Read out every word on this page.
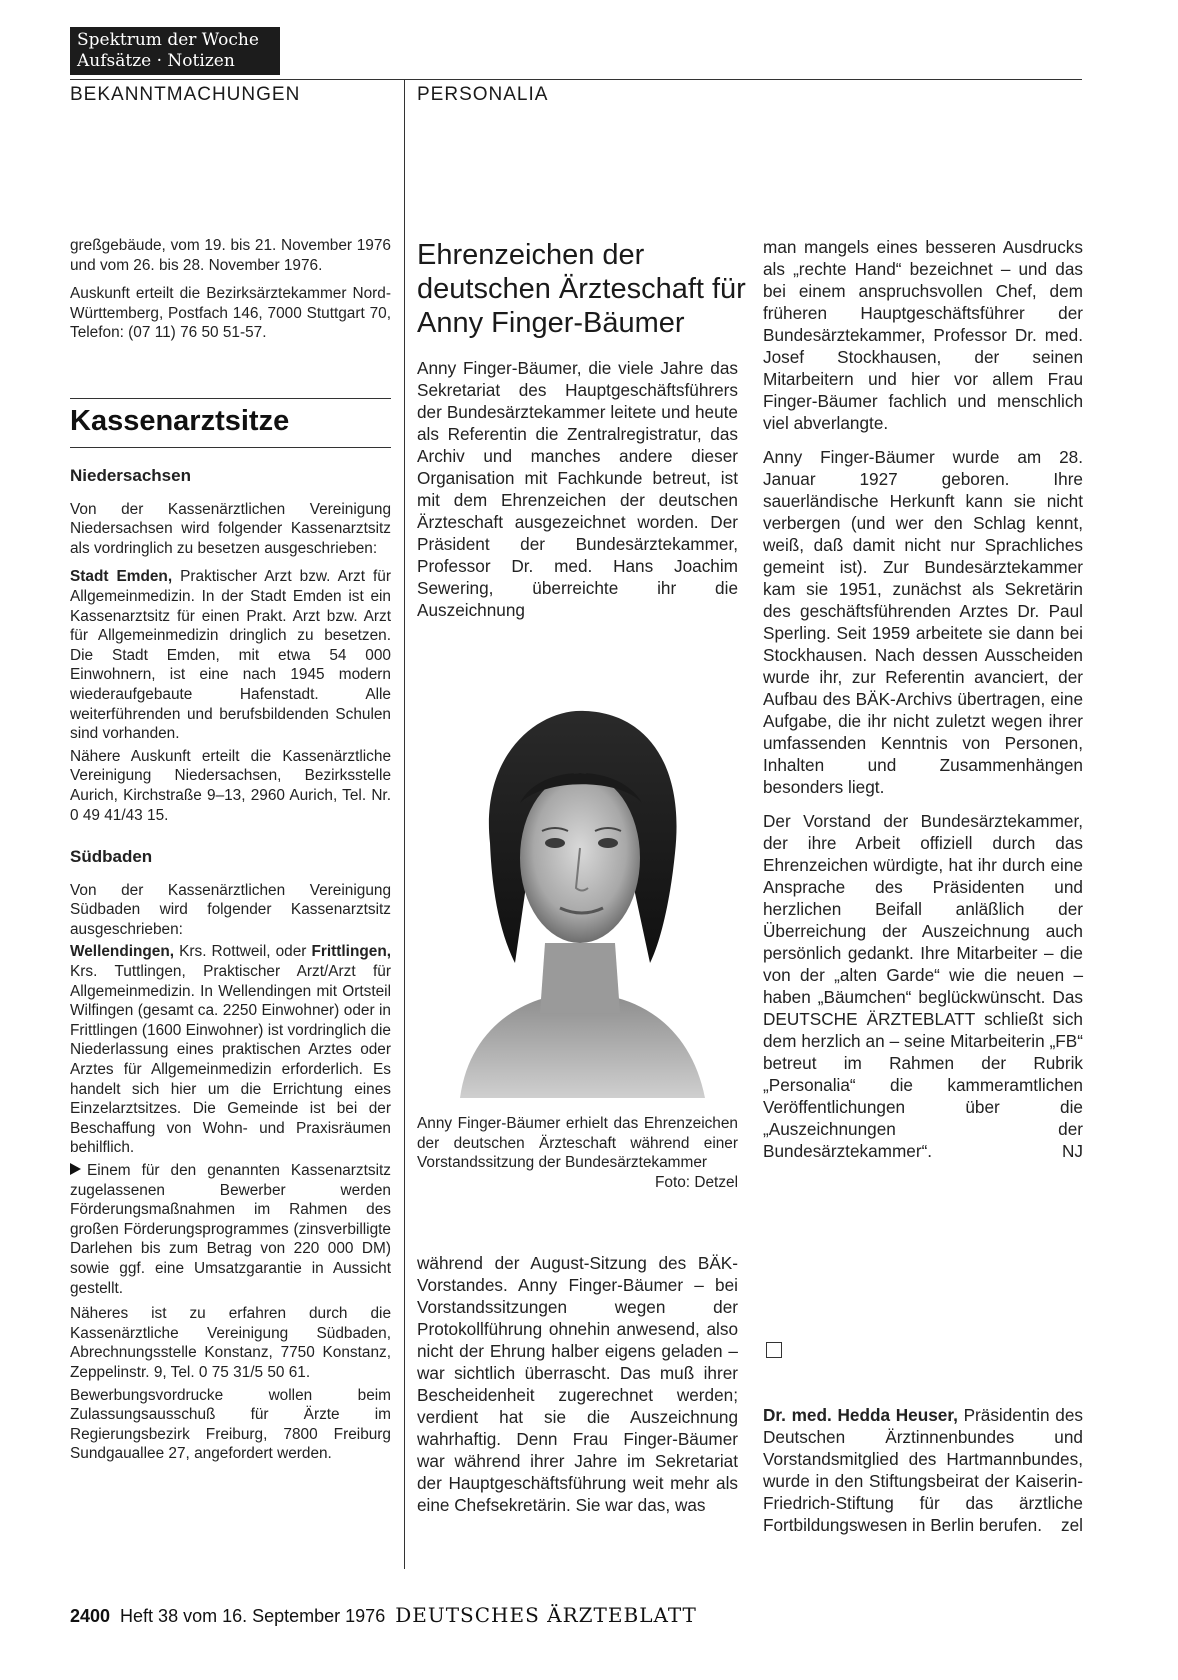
Spektrum der Woche
Aufsätze · Notizen
BEKANNTMACHUNGEN	PERSONALIA

greßgebäude, vom 19. bis 21. November 1976 und vom 26. bis 28. November 1976.

Auskunft erteilt die Bezirksärztekammer Nord-Württemberg, Postfach 146, 7000 Stuttgart 70, Telefon: (07 11) 76 50 51-57.

Kassenarztsitze

Niedersachsen

Von der Kassenärztlichen Vereinigung Niedersachsen wird folgender Kassenarztsitz als vordringlich zu besetzen ausgeschrieben:

Stadt Emden, Praktischer Arzt bzw. Arzt für Allgemeinmedizin. In der Stadt Emden ist ein Kassenarztsitz für einen Prakt. Arzt bzw. Arzt für Allgemeinmedizin dringlich zu besetzen. Die Stadt Emden, mit etwa 54 000 Einwohnern, ist eine nach 1945 modern wiederaufgebaute Hafenstadt. Alle weiterführenden und berufsbildenden Schulen sind vorhanden.

Nähere Auskunft erteilt die Kassenärztliche Vereinigung Niedersachsen, Bezirksstelle Aurich, Kirchstraße 9–13, 2960 Aurich, Tel. Nr. 0 49 41/43 15.

Südbaden

Von der Kassenärztlichen Vereinigung Südbaden wird folgender Kassenarztsitz ausgeschrieben:

Wellendingen, Krs. Rottweil, oder Frittlingen, Krs. Tuttlingen, Praktischer Arzt/Arzt für Allgemeinmedizin. In Wellendingen mit Ortsteil Wilfingen (gesamt ca. 2250 Einwohner) oder in Frittlingen (1600 Einwohner) ist vordringlich die Niederlassung eines praktischen Arztes oder Arztes für Allgemeinmedizin erforderlich. Es handelt sich hier um die Errichtung eines Einzelarztsitzes. Die Gemeinde ist bei der Beschaffung von Wohn- und Praxisräumen behilflich.

Einem für den genannten Kassenarztsitz zugelassenen Bewerber werden Förderungsmaßnahmen im Rahmen des großen Förderungsprogrammes (zinsverbilligte Darlehen bis zum Betrag von 220 000 DM) sowie ggf. eine Umsatzgarantie in Aussicht gestellt.

Näheres ist zu erfahren durch die Kassenärztliche Vereinigung Südbaden, Abrechnungsstelle Konstanz, 7750 Konstanz, Zeppelinstr. 9, Tel. 0 75 31/5 50 61.

Bewerbungsvordrucke wollen beim Zulassungsausschuß für Ärzte im Regierungsbezirk Freiburg, 7800 Freiburg Sundgauallee 27, angefordert werden.

Ehrenzeichen der deutschen Ärzteschaft für Anny Finger-Bäumer

Anny Finger-Bäumer, die viele Jahre das Sekretariat des Hauptgeschäftsführers der Bundesärztekammer leitete und heute als Referentin die Zentralregistratur, das Archiv und manches andere dieser Organisation mit Fachkunde betreut, ist mit dem Ehrenzeichen der deutschen Ärzteschaft ausgezeichnet worden. Der Präsident der Bundesärztekammer, Professor Dr. med. Hans Joachim Sewering, überreichte ihr die Auszeichnung

Anny Finger-Bäumer erhielt das Ehrenzeichen der deutschen Ärzteschaft während einer Vorstandssitzung der Bundesärztekammer
Foto: Detzel

während der August-Sitzung des BÄK-Vorstandes. Anny Finger-Bäumer – bei Vorstandssitzungen wegen der Protokollführung ohnehin anwesend, also nicht der Ehrung halber eigens geladen – war sichtlich überrascht. Das muß ihrer Bescheidenheit zugerechnet werden; verdient hat sie die Auszeichnung wahrhaftig. Denn Frau Finger-Bäumer war während ihrer Jahre im Sekretariat der Hauptgeschäftsführung weit mehr als eine Chefsekretärin. Sie war das, was

man mangels eines besseren Ausdrucks als „rechte Hand“ bezeichnet – und das bei einem anspruchsvollen Chef, dem früheren Hauptgeschäftsführer der Bundesärztekammer, Professor Dr. med. Josef Stockhausen, der seinen Mitarbeitern und hier vor allem Frau Finger-Bäumer fachlich und menschlich viel abverlangte.

Anny Finger-Bäumer wurde am 28. Januar 1927 geboren. Ihre sauerländische Herkunft kann sie nicht verbergen (und wer den Schlag kennt, weiß, daß damit nicht nur Sprachliches gemeint ist). Zur Bundesärztekammer kam sie 1951, zunächst als Sekretärin des geschäftsführenden Arztes Dr. Paul Sperling. Seit 1959 arbeitete sie dann bei Stockhausen. Nach dessen Ausscheiden wurde ihr, zur Referentin avanciert, der Aufbau des BÄK-Archivs übertragen, eine Aufgabe, die ihr nicht zuletzt wegen ihrer umfassenden Kenntnis von Personen, Inhalten und Zusammenhängen besonders liegt.

Der Vorstand der Bundesärztekammer, der ihre Arbeit offiziell durch das Ehrenzeichen würdigte, hat ihr durch eine Ansprache des Präsidenten und herzlichen Beifall anläßlich der Überreichung der Auszeichnung auch persönlich gedankt. Ihre Mitarbeiter – die von der „alten Garde“ wie die neuen – haben „Bäumchen“ beglückwünscht. Das DEUTSCHE ÄRZTEBLATT schließt sich dem herzlich an – seine Mitarbeiterin „FB“ betreut im Rahmen der Rubrik „Personalia“ die kammeramtlichen Veröffentlichungen über die „Auszeichnungen der Bundesärztekammer“.	NJ

Dr. med. Hedda Heuser, Präsidentin des Deutschen Ärztinnenbundes und Vorstandsmitglied des Hartmannbundes, wurde in den Stiftungsbeirat der Kaiserin-Friedrich-Stiftung für das ärztliche Fortbildungswesen in Berlin berufen. zel
2400 Heft 38 vom 16. September 1976 DEUTSCHES ÄRZTEBLATT
